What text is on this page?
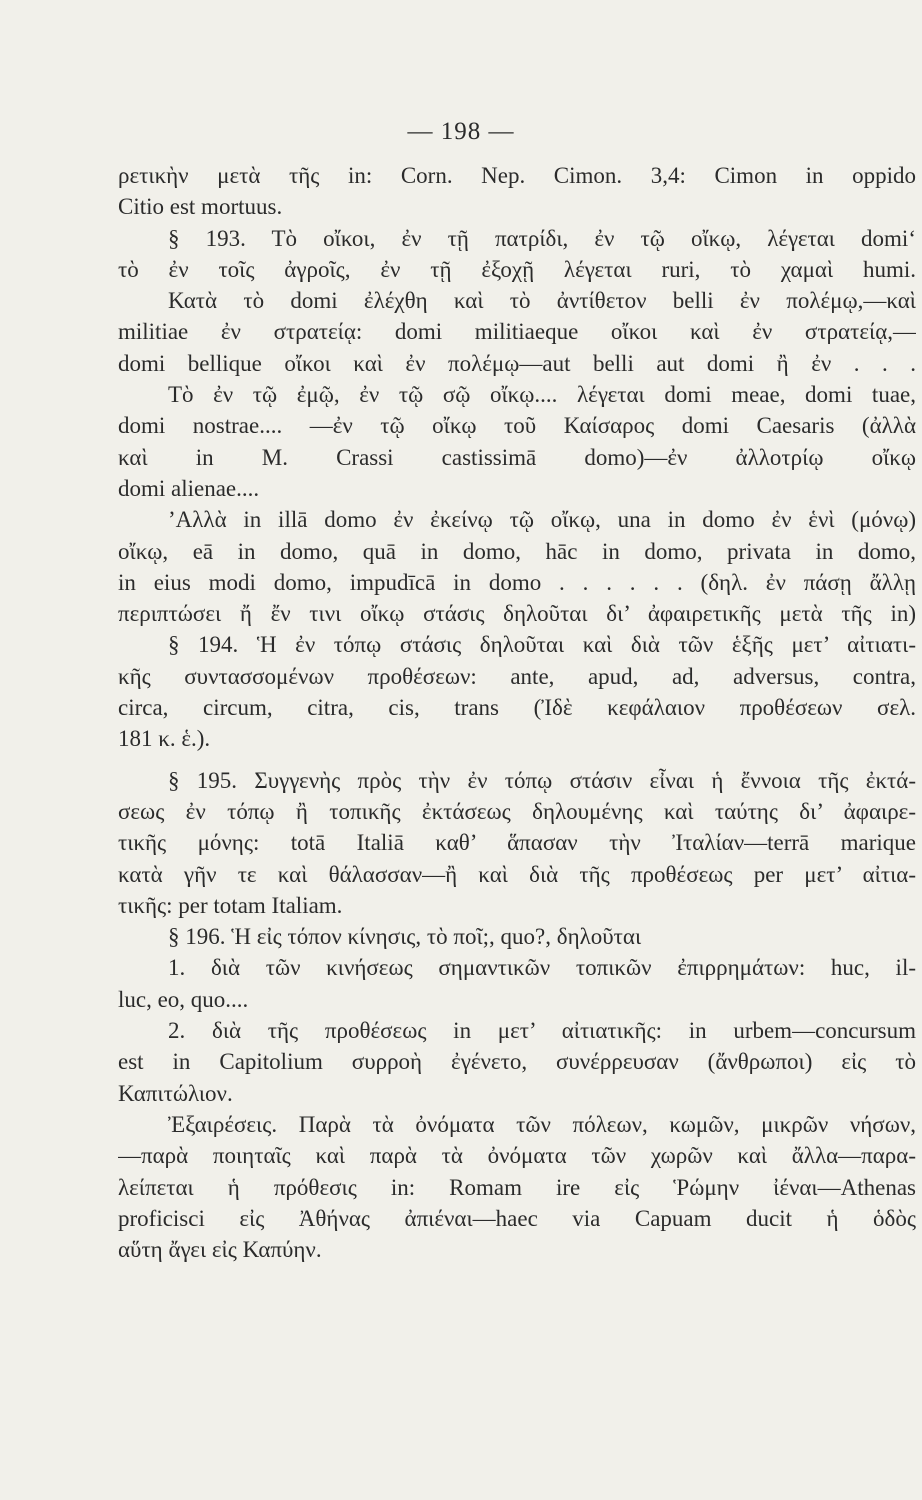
— 198 —
ρετικὴν μετὰ τῆς in: Corn. Nep. Cimon. 3,4: Cimon in oppido
Citio est mortuus.
§ 193. Τὸ οἴκοι, ἐν τῇ πατρίδι, ἐν τῷ οἴκῳ, λέγεται domi‘
τὸ ἐν τοῖς ἀγροῖς, ἐν τῇ ἐξοχῇ λέγεται ruri, τὸ χαμαὶ humi.
Κατὰ τὸ domi ἐλέχθη καὶ τὸ ἀντίθετον belli ἐν πολέμῳ,—καὶ
militiae ἐν στρατείᾳ: domi militiaeque οἴκοι καὶ ἐν στρατείᾳ,—
domi bellique οἴκοι καὶ ἐν πολέμῳ—aut belli aut domi ἢ ἐν . . .
Τὸ ἐν τῷ ἐμῷ, ἐν τῷ σῷ οἴκῳ.... λέγεται domi meae, domi tuae,
domi nostrae.... —ἐν τῷ οἴκῳ τοῦ Καίσαρος domi Caesaris (ἀλλὰ
καὶ in M. Crassi castissimā domo)—ἐν ἀλλοτρίῳ οἴκῳ
domi alienae....
’Αλλὰ in illā domo ἐν ἐκείνῳ τῷ οἴκῳ, una in domo ἐν ἑνὶ (μόνῳ)
οἴκῳ, eā in domo, quā in domo, hāc in domo, privata in domo,
in eius modi domo, impudīcā in domo . . . . . . (δηλ. ἐν πάσῃ ἄλλῃ
περιπτώσει ἤ ἔν τινι οἴκῳ στάσις δηλοῦται δι’ ἀφαιρετικῆς μετὰ τῆς in)
§ 194. Ἡ ἐν τόπῳ στάσις δηλοῦται καὶ διὰ τῶν ἑξῆς μετ’ αἰτιατι-
κῆς συντασσομένων προθέσεων: ante, apud, ad, adversus, contra,
circa, circum, citra, cis, trans (Ἰδὲ κεφάλαιον προθέσεων σελ.
181 κ. ἑ.).
§ 195. Συγγενὴς πρὸς τὴν ἐν τόπῳ στάσιν εἶναι ἡ ἔννοια τῆς ἐκτά-
σεως ἐν τόπῳ ἢ τοπικῆς ἐκτάσεως δηλουμένης καὶ ταύτης δι’ ἀφαιρε-
τικῆς μόνης: totā Italiā καθ’ ἅπασαν τὴν Ἰταλίαν—terrā marique
κατὰ γῆν τε καὶ θάλασσαν—ἢ καὶ διὰ τῆς προθέσεως per μετ’ αἰτια-
τικῆς: per totam Italiam.
§ 196. Ἡ εἰς τόπον κίνησις, τὸ ποῖ;, quo?, δηλοῦται
1. διὰ τῶν κινήσεως σημαντικῶν τοπικῶν ἐπιρρημάτων: huc, il-
luc, eo, quo....
2. διὰ τῆς προθέσεως in μετ’ αἰτιατικῆς: in urbem—concursum
est in Capitolium συρροὴ ἐγένετο, συνέρρευσαν (ἄνθρωποι) εἰς τὸ
Καπιτώλιον.
Ἐξαιρέσεις. Παρὰ τὰ ὀνόματα τῶν πόλεων, κωμῶν, μικρῶν νήσων,
—παρὰ ποιηταῖς καὶ παρὰ τὰ ὀνόματα τῶν χωρῶν καὶ ἄλλα—παρα-
λείπεται ἡ πρόθεσις in: Romam ire εἰς Ῥώμην ἰέναι—Athenas
proficisci εἰς Ἀθήνας ἀπιέναι—haec via Capuam ducit ἡ ὁδὸς
αὕτη ἄγει εἰς Καπύην.
